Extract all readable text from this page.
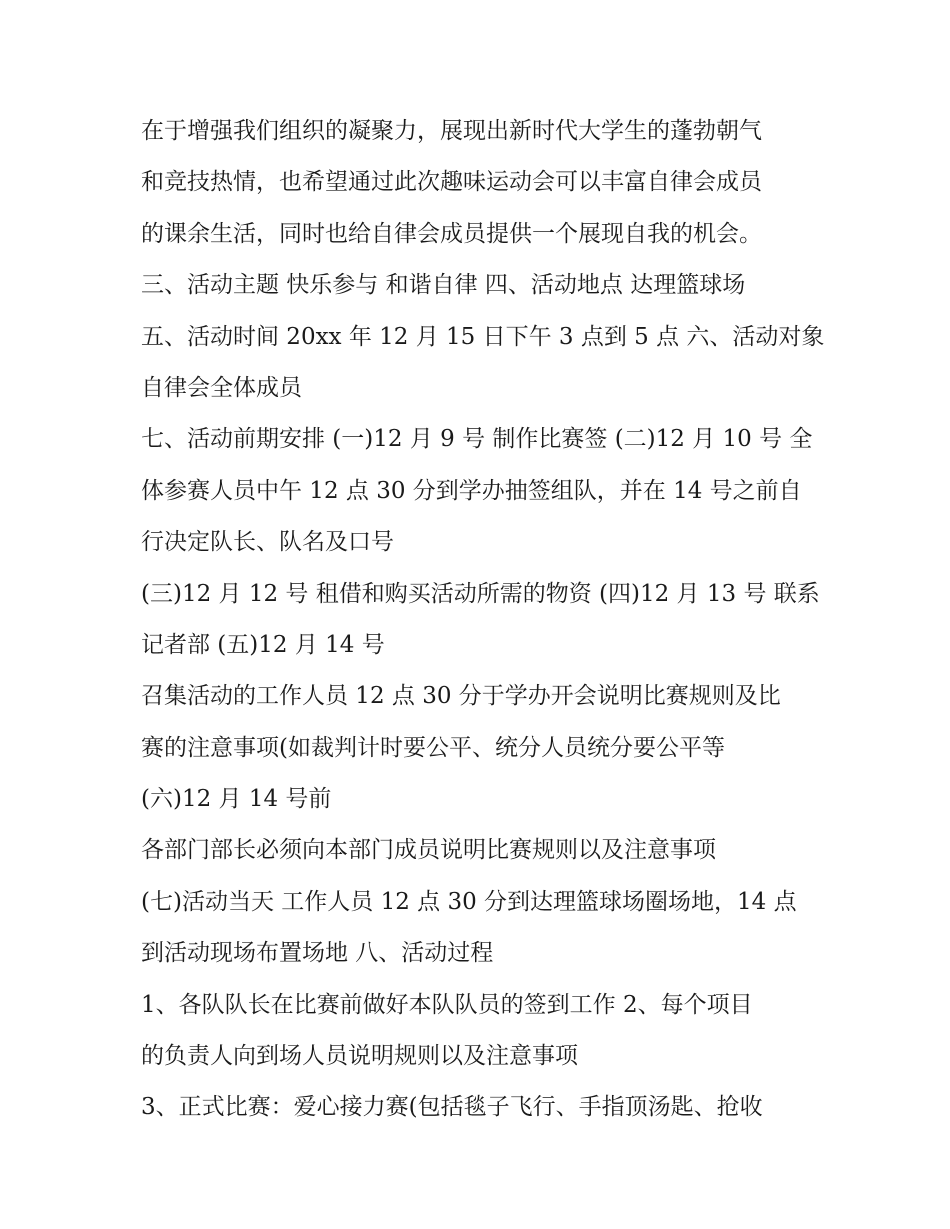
在于增强我们组织的凝聚力，展现出新时代大学生的蓬勃朝气
和竞技热情，也希望通过此次趣味运动会可以丰富自律会成员
的课余生活，同时也给自律会成员提供一个展现自我的机会。
三、活动主题 快乐参与 和谐自律 四、活动地点 达理篮球场
五、活动时间 20xx 年 12 月 15 日下午 3 点到 5 点 六、活动对象
自律会全体成员
七、活动前期安排 (一)12 月 9 号 制作比赛签 (二)12 月 10 号 全
体参赛人员中午 12 点 30 分到学办抽签组队，并在 14 号之前自
行决定队长、队名及口号
(三)12 月 12 号 租借和购买活动所需的物资 (四)12 月 13 号 联系
记者部 (五)12 月 14 号
召集活动的工作人员 12 点 30 分于学办开会说明比赛规则及比
赛的注意事项(如裁判计时要公平、统分人员统分要公平等
(六)12 月 14 号前
各部门部长必须向本部门成员说明比赛规则以及注意事项
(七)活动当天 工作人员 12 点 30 分到达理篮球场圈场地，14 点
到活动现场布置场地 八、活动过程
1、各队队长在比赛前做好本队队员的签到工作 2、每个项目
的负责人向到场人员说明规则以及注意事项
3、正式比赛：爱心接力赛(包括毯子飞行、手指顶汤匙、抢收
